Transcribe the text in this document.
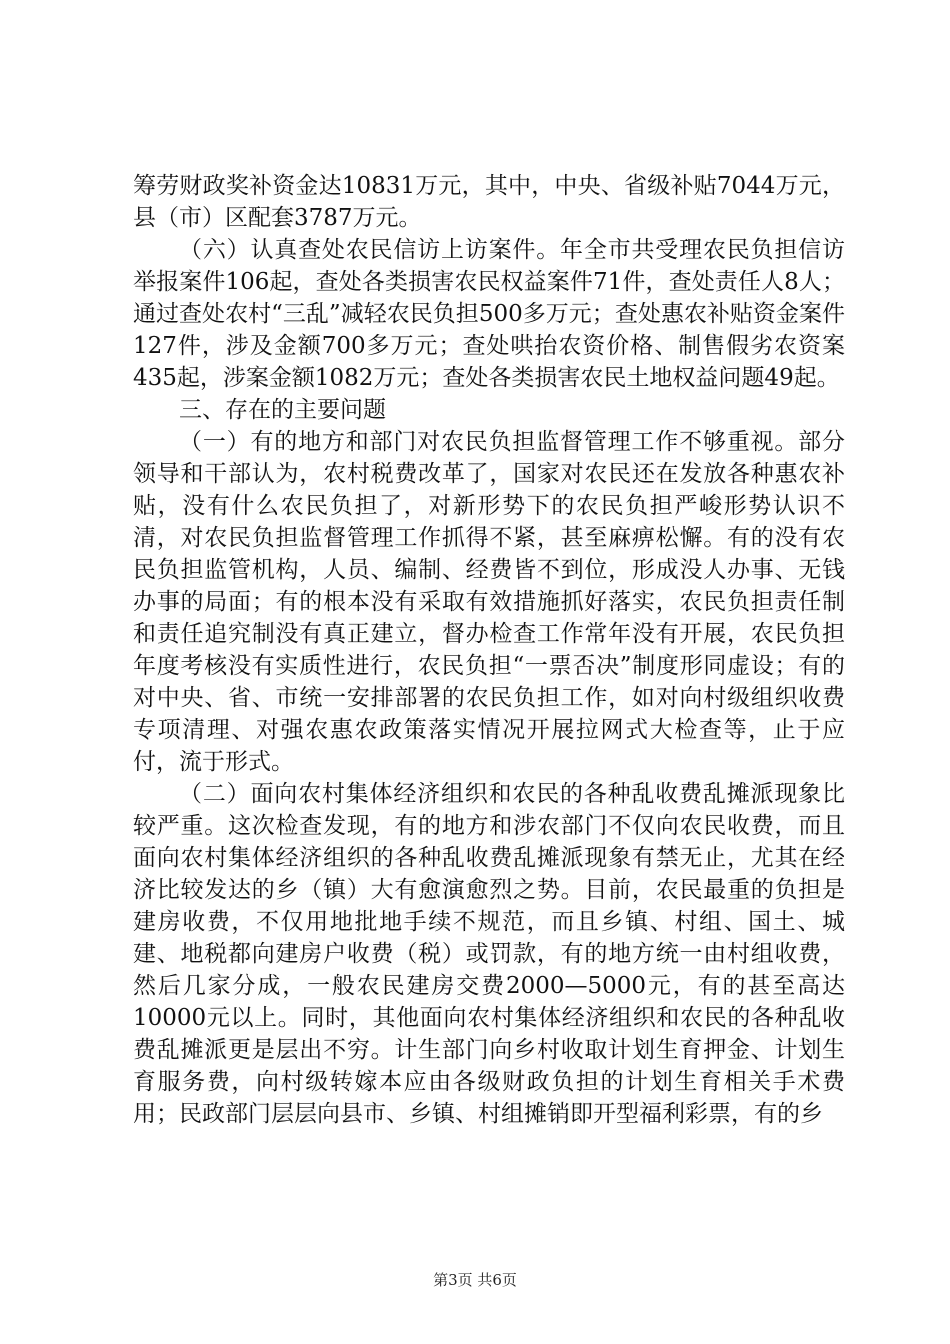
筹劳财政奖补资金达10831万元，其中，中央、省级补贴7044万元，县（市）区配套3787万元。

（六）认真查处农民信访上访案件。年全市共受理农民负担信访举报案件106起，查处各类损害农民权益案件71件，查处责任人8人；通过查处农村“三乱”减轻农民负担500多万元；查处惠农补贴资金案件127件，涉及金额700多万元；查处哄抬农资价格、制售假劣农资案435起，涉案金额1082万元；查处各类损害农民土地权益问题49起。

三、存在的主要问题

（一）有的地方和部门对农民负担监督管理工作不够重视。部分领导和干部认为，农村税费改革了，国家对农民还在发放各种惠农补贴，没有什么农民负担了，对新形势下的农民负担严峻形势认识不清，对农民负担监督管理工作抓得不紧，甚至麻痹松懈。有的没有农民负担监管机构，人员、编制、经费皆不到位，形成没人办事、无钱办事的局面；有的根本没有采取有效措施抓好落实，农民负担责任制和责任追究制没有真正建立，督办检查工作常年没有开展，农民负担年度考核没有实质性进行，农民负担“一票否决”制度形同虚设；有的对中央、省、市统一安排部署的农民负担工作，如对向村级组织收费专项清理、对强农惠农政策落实情况开展拉网式大检查等，止于应付，流于形式。

（二）面向农村集体经济组织和农民的各种乱收费乱摊派现象比较严重。这次检查发现，有的地方和涉农部门不仅向农民收费，而且面向农村集体经济组织的各种乱收费乱摊派现象有禁无止，尤其在经济比较发达的乡（镇）大有愈演愈烈之势。目前，农民最重的负担是建房收费，不仅用地批地手续不规范，而且乡镇、村组、国土、城建、地税都向建房户收费（税）或罚款，有的地方统一由村组收费，然后几家分成，一般农民建房交费2000—5000元，有的甚至高达10000元以上。同时，其他面向农村集体经济组织和农民的各种乱收费乱摊派更是层出不穷。计生部门向乡村收取计划生育押金、计划生育服务费，向村级转嫁本应由各级财政负担的计划生育相关手术费用；民政部门层层向县市、乡镇、村组摊销即开型福利彩票，有的乡

第3页 共6页
